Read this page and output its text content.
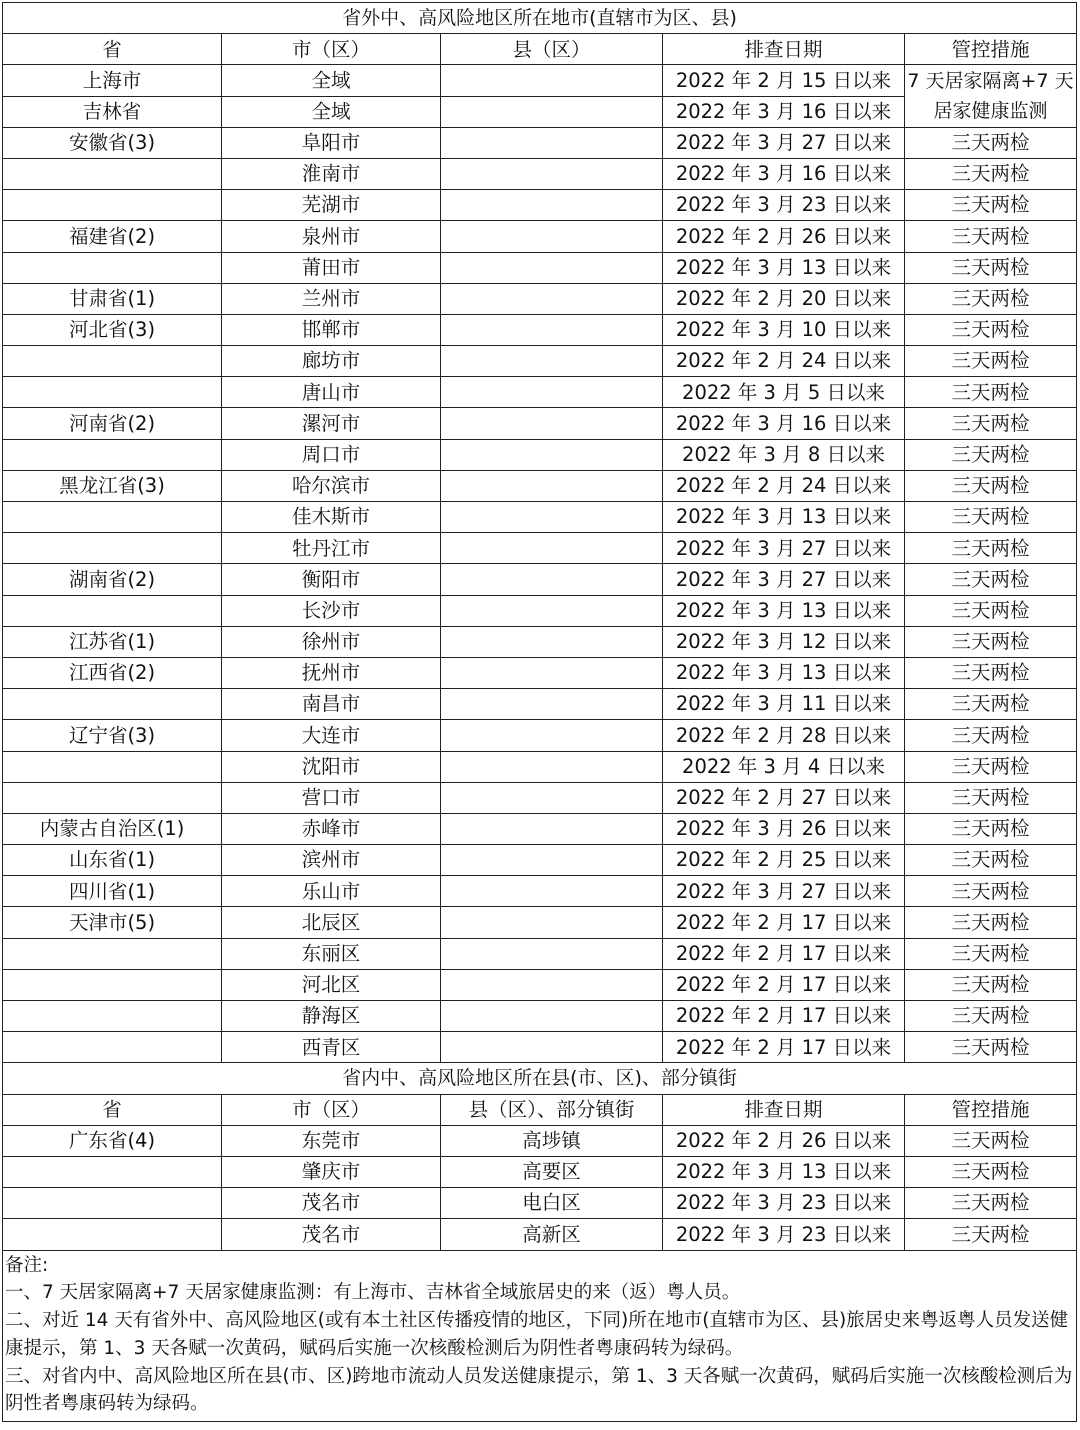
省外中、高风险地区所在地市(直辖市为区、县)				
省	市（区）	县（区）	排查日期	管控措施
上海市	全域		2022 年 2 月 15 日以来	7 天居家隔离+7 天居家健康监测
吉林省	全域		2022 年 3 月 16 日以来	
安徽省(3)	阜阳市		2022 年 3 月 27 日以来	三天两检
	淮南市		2022 年 3 月 16 日以来	三天两检
	芜湖市		2022 年 3 月 23 日以来	三天两检
福建省(2)	泉州市		2022 年 2 月 26 日以来	三天两检
	莆田市		2022 年 3 月 13 日以来	三天两检
甘肃省(1)	兰州市		2022 年 2 月 20 日以来	三天两检
河北省(3)	邯郸市		2022 年 3 月 10 日以来	三天两检
	廊坊市		2022 年 2 月 24 日以来	三天两检
	唐山市		2022 年 3 月 5 日以来	三天两检
河南省(2)	漯河市		2022 年 3 月 16 日以来	三天两检
	周口市		2022 年 3 月 8 日以来	三天两检
黑龙江省(3)	哈尔滨市		2022 年 2 月 24 日以来	三天两检
	佳木斯市		2022 年 3 月 13 日以来	三天两检
	牡丹江市		2022 年 3 月 27 日以来	三天两检
湖南省(2)	衡阳市		2022 年 3 月 27 日以来	三天两检
	长沙市		2022 年 3 月 13 日以来	三天两检
江苏省(1)	徐州市		2022 年 3 月 12 日以来	三天两检
江西省(2)	抚州市		2022 年 3 月 13 日以来	三天两检
	南昌市		2022 年 3 月 11 日以来	三天两检
辽宁省(3)	大连市		2022 年 2 月 28 日以来	三天两检
	沈阳市		2022 年 3 月 4 日以来	三天两检
	营口市		2022 年 2 月 27 日以来	三天两检
内蒙古自治区(1)	赤峰市		2022 年 3 月 26 日以来	三天两检
山东省(1)	滨州市		2022 年 2 月 25 日以来	三天两检
四川省(1)	乐山市		2022 年 3 月 27 日以来	三天两检
天津市(5)	北辰区		2022 年 2 月 17 日以来	三天两检
	东丽区		2022 年 2 月 17 日以来	三天两检
	河北区		2022 年 2 月 17 日以来	三天两检
	静海区		2022 年 2 月 17 日以来	三天两检
	西青区		2022 年 2 月 17 日以来	三天两检
省内中、高风险地区所在县(市、区)、部分镇街				
省	市（区）	县（区）、部分镇街	排查日期	管控措施
广东省(4)	东莞市	高埗镇	2022 年 2 月 26 日以来	三天两检
	肇庆市	高要区	2022 年 3 月 13 日以来	三天两检
	茂名市	电白区	2022 年 3 月 23 日以来	三天两检
	茂名市	高新区	2022 年 3 月 23 日以来	三天两检

备注:
一、7 天居家隔离+7 天居家健康监测：有上海市、吉林省全域旅居史的来（返）粤人员。
二、对近 14 天有省外中、高风险地区(或有本土社区传播疫情的地区，下同)所在地市(直辖市为区、县)旅居史来粤返粤人员发送健康提示，第 1、3 天各赋一次黄码，赋码后实施一次核酸检测后为阴性者粤康码转为绿码。
三、对省内中、高风险地区所在县(市、区)跨地市流动人员发送健康提示，第 1、3 天各赋一次黄码，赋码后实施一次核酸检测后为阴性者粤康码转为绿码。				
